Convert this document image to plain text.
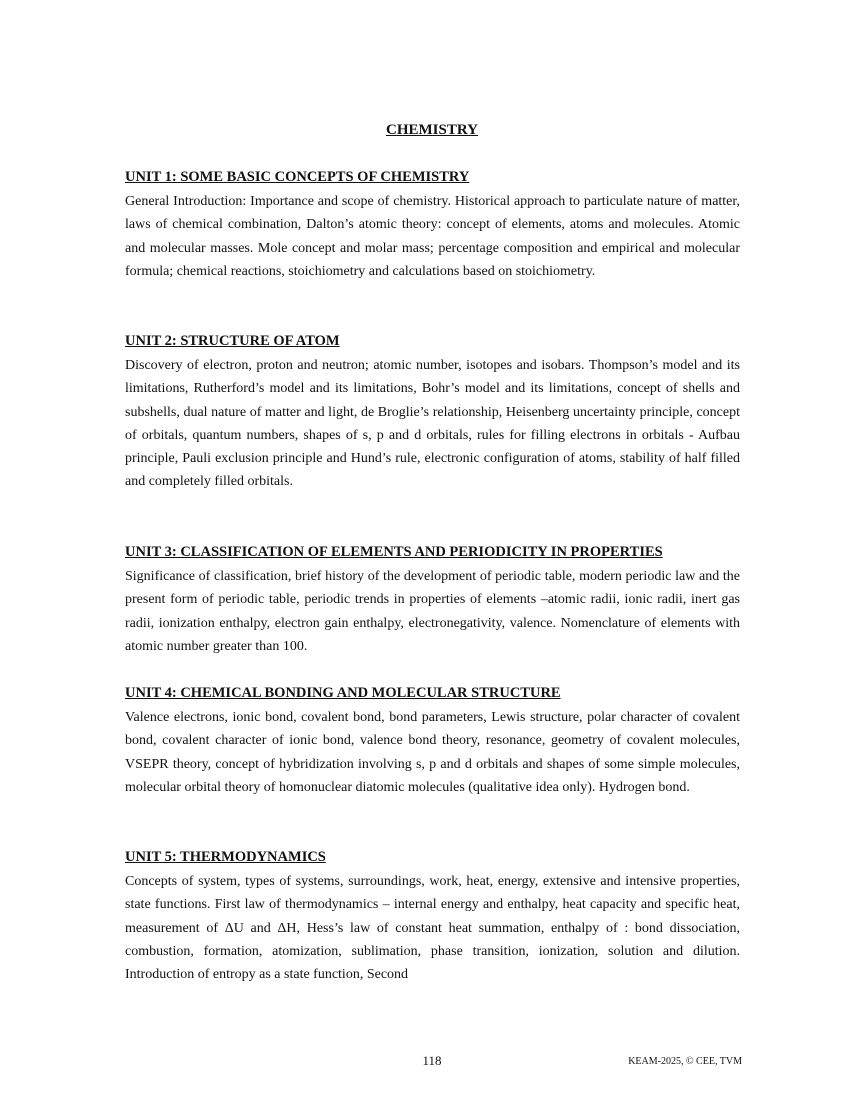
CHEMISTRY
UNIT 1: SOME BASIC CONCEPTS OF CHEMISTRY

General Introduction: Importance and scope of chemistry. Historical approach to particulate nature of matter, laws of chemical combination, Dalton’s atomic theory: concept of elements, atoms and molecules. Atomic and molecular masses. Mole concept and molar mass; percentage composition and empirical and molecular formula; chemical reactions, stoichiometry and calculations based on stoichiometry.

UNIT 2: STRUCTURE OF ATOM

Discovery of electron, proton and neutron; atomic number, isotopes and isobars. Thompson’s model and its limitations, Rutherford’s model and its limitations, Bohr’s model and its limitations, concept of shells and subshells, dual nature of matter and light, de Broglie’s relationship, Heisenberg uncertainty principle, concept of orbitals, quantum numbers, shapes of s, p and d orbitals, rules for filling electrons in orbitals - Aufbau principle, Pauli exclusion principle and Hund’s rule, electronic configuration of atoms, stability of half filled and completely filled orbitals.

UNIT 3: CLASSIFICATION OF ELEMENTS AND PERIODICITY IN PROPERTIES

Significance of classification, brief history of the development of periodic table, modern periodic law and the present form of periodic table, periodic trends in properties of elements –atomic radii, ionic radii, inert gas radii, ionization enthalpy, electron gain enthalpy, electronegativity, valence. Nomenclature of elements with atomic number greater than 100.

UNIT 4: CHEMICAL BONDING AND MOLECULAR STRUCTURE

Valence electrons, ionic bond, covalent bond, bond parameters, Lewis structure, polar character of covalent bond, covalent character of ionic bond, valence bond theory, resonance, geometry of covalent molecules, VSEPR theory, concept of hybridization involving s, p and d orbitals and shapes of some simple molecules, molecular orbital theory of homonuclear diatomic molecules (qualitative idea only). Hydrogen bond.

UNIT 5: THERMODYNAMICS

Concepts of system, types of systems, surroundings, work, heat, energy, extensive and intensive properties, state functions. First law of thermodynamics – internal energy and enthalpy, heat capacity and specific heat, measurement of ΔU and ΔH, Hess’s law of constant heat summation, enthalpy of : bond dissociation, combustion, formation, atomization, sublimation, phase transition, ionization, solution and dilution. Introduction of entropy as a state function, Second

118	KEAM-2025, © CEE, TVM
